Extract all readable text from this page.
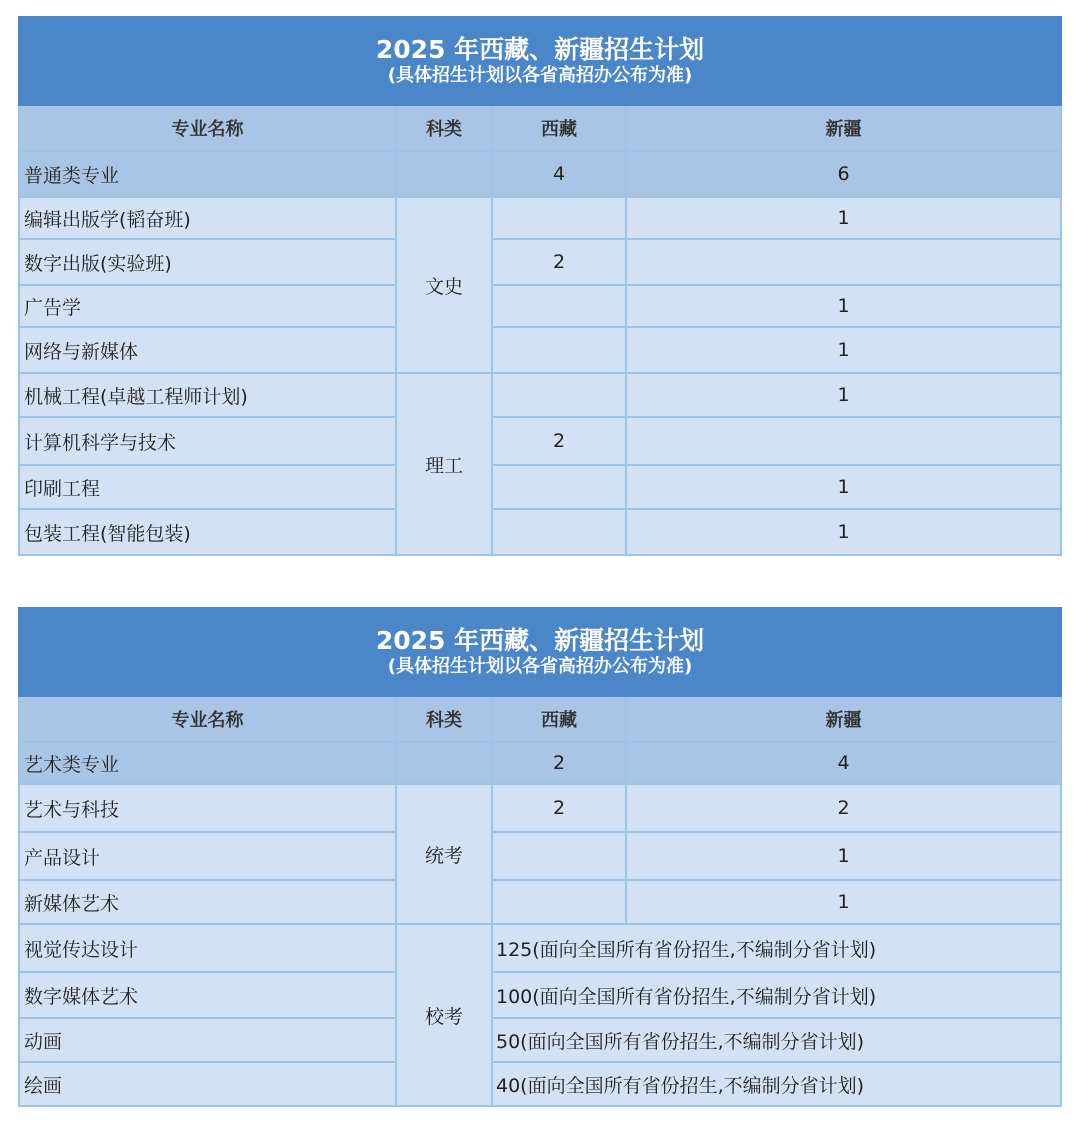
2025 年西藏、新疆招生计划
(具体招生计划以各省高招办公布为准)			

专业名称	科类	西藏	新疆
普通类专业		4	6
编辑出版学(韬奋班)	文史		1
数字出版(实验班)		2	
广告学			1
网络与新媒体			1
机械工程(卓越工程师计划)	理工		1
计算机科学与技术		2	
印刷工程			1
包装工程(智能包装)			1
2025 年西藏、新疆招生计划
(具体招生计划以各省高招办公布为准)			

专业名称	科类	西藏	新疆
艺术类专业		2	4
艺术与科技	统考	2	2
产品设计			1
新媒体艺术			1
视觉传达设计	校考	125(面向全国所有省份招生,不编制分省计划)	
数字媒体艺术		100(面向全国所有省份招生,不编制分省计划)	
动画		50(面向全国所有省份招生,不编制分省计划)	
绘画		40(面向全国所有省份招生,不编制分省计划)	
